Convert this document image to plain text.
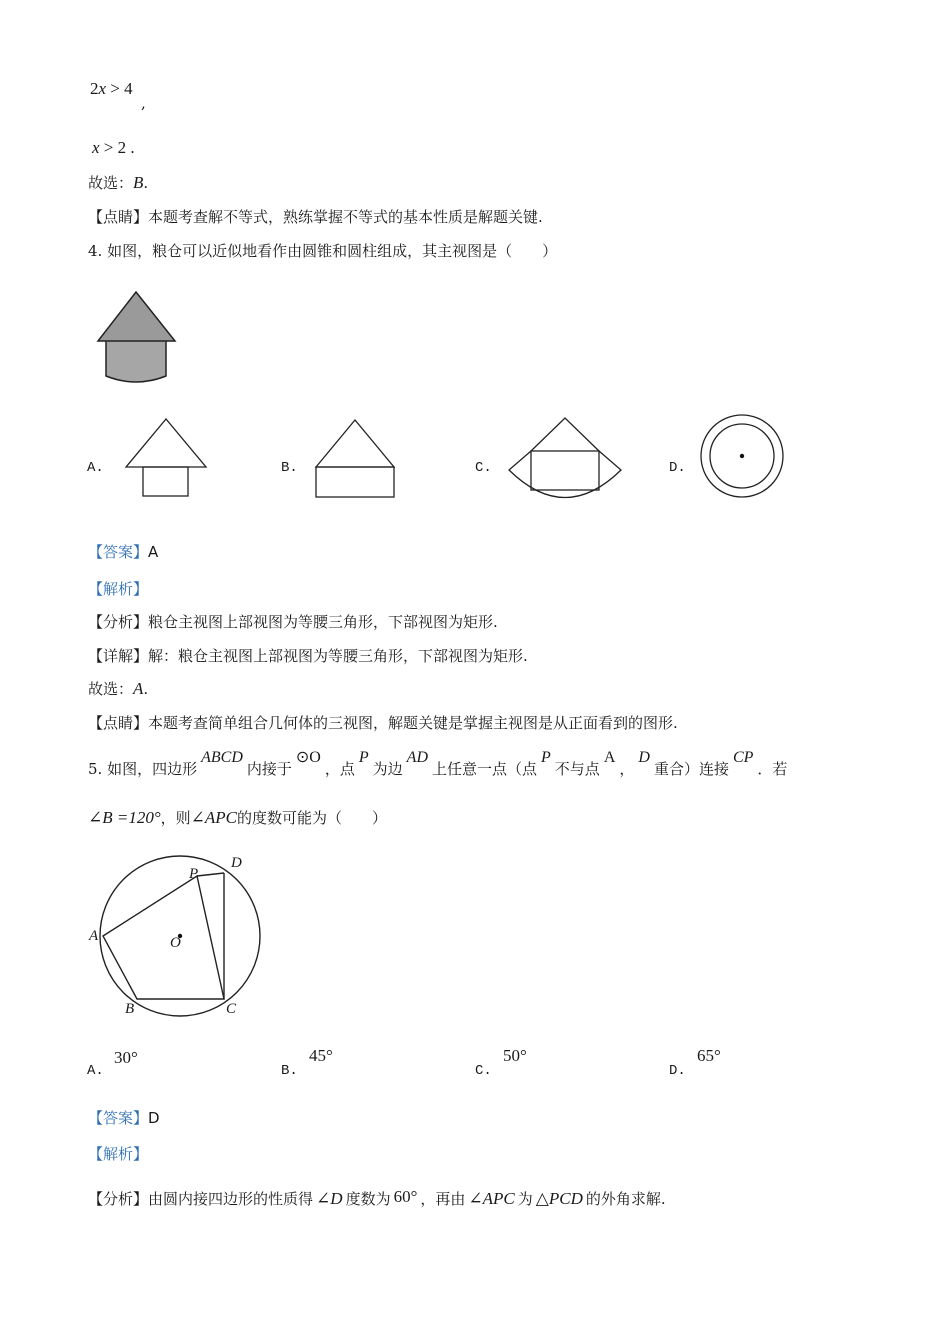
2x > 4
,
x > 2 .
故选：B.
【点睛】本题考查解不等式，熟练掌握不等式的基本性质是解题关键.
4. 如图，粮仓可以近似地看作由圆锥和圆柱组成，其主视图是（　　）
A.	B.	C.	D.
【答案】A
【解析】
【分析】粮仓主视图上部视图为等腰三角形，下部视图为矩形.
【详解】解：粮仓主视图上部视图为等腰三角形，下部视图为矩形.
故选：A.
【点睛】本题考查简单组合几何体的三视图，解题关键是掌握主视图是从正面看到的图形.
5. 如图，四边形ABCD内接于⊙O，点P为边AD上任意一点（点P不与点A，D重合）连接CP．若
∠B =120°，则∠APC的度数可能为（　　）
A
B	C
D
P
O
A.
30°
B.
45°
C.
50°
D.
65°
【答案】D
【解析】
【分析】由圆内接四边形的性质得 ∠D 度数为 60° ，再由 ∠APC 为 △PCD 的外角求解.
